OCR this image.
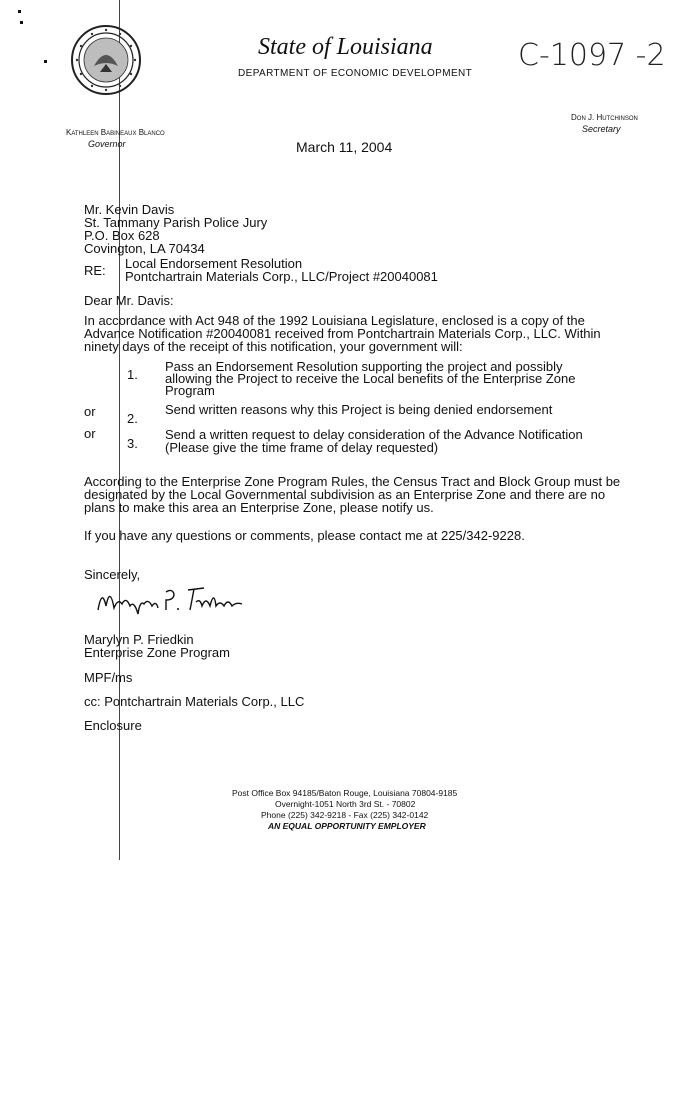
State of Louisiana
DEPARTMENT OF ECONOMIC DEVELOPMENT
C-1097 -2
Kathleen Babineaux Blanco
Governor
Don J. Hutchinson
Secretary
March 11, 2004
Mr. Kevin Davis
St. Tammany Parish Police Jury
P.O. Box 628
Covington, LA 70434
RE: Local Endorsement Resolution
Pontchartrain Materials Corp., LLC/Project #20040081
Dear Mr. Davis:
In accordance with Act 948 of the 1992 Louisiana Legislature, enclosed is a copy of the
Advance Notification #20040081 received from Pontchartrain Materials Corp., LLC. Within
ninety days of the receipt of this notification, your government will:
1.
Pass an Endorsement Resolution supporting the project and possibly
allowing the Project to receive the Local benefits of the Enterprise Zone
Program
or 2.
Send written reasons why this Project is being denied endorsement
or
3.
Send a written request to delay consideration of the Advance Notification
(Please give the time frame of delay requested)
According to the Enterprise Zone Program Rules, the Census Tract and Block Group must be
designated by the Local Governmental subdivision as an Enterprise Zone and there are no
plans to make this area an Enterprise Zone, please notify us.
If you have any questions or comments, please contact me at 225/342-9228.
Sincerely,
Marylyn P. Friedkin
Enterprise Zone Program
MPF/ms
cc: Pontchartrain Materials Corp., LLC
Enclosure
Post Office Box 94185/Baton Rouge, Louisiana 70804-9185
Overnight-1051 North 3rd St. - 70802
Phone (225) 342-9218 - Fax (225) 342-0142
AN EQUAL OPPORTUNITY EMPLOYER
